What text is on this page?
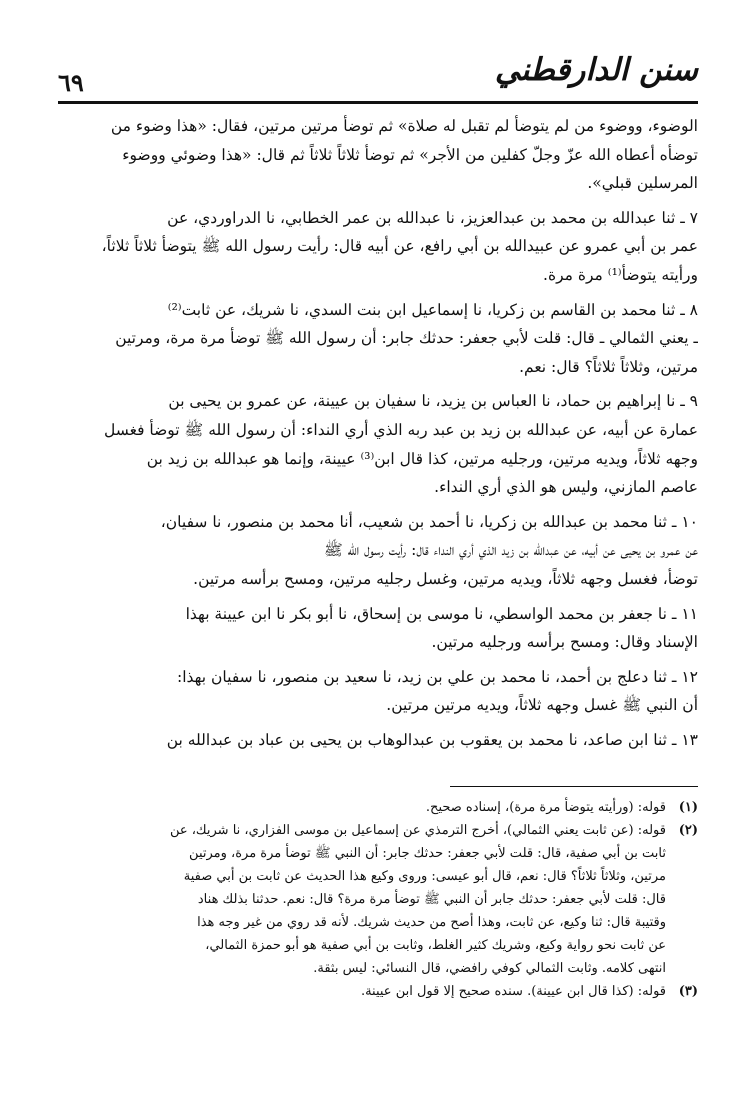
٦٩	سنن الدارقطني
الوضوء، ووضوء من لم يتوضأ لم تقبل له صلاة» ثم توضأ مرتين مرتين، فقال: «هذا وضوء من
توضأه أعطاه الله عزّ وجلّ كفلين من الأجر» ثم توضأ ثلاثاً ثلاثاً ثم قال: «هذا وضوئي ووضوء
المرسلين قبلي».
٧ ـ ثنا عبدالله بن محمد بن عبدالعزيز، نا عبدالله بن عمر الخطابي، نا الدراوردي، عن
عمر بن أبي عمرو عن عبيدالله بن أبي رافع، عن أبيه قال: رأيت رسول الله ﷺ يتوضأ ثلاثاً ثلاثاً،
ورأيته يتوضأ⁽¹⁾ مرة مرة.
٨ ـ ثنا محمد بن القاسم بن زكريا، نا إسماعيل ابن بنت السدي، نا شريك، عن ثابت⁽²⁾
ـ يعني الثمالي ـ قال: قلت لأبي جعفر: حدثك جابر: أن رسول الله ﷺ توضأ مرة مرة، ومرتين
مرتين، وثلاثاً ثلاثاً؟ قال: نعم.
٩ ـ نا إبراهيم بن حماد، نا العباس بن يزيد، نا سفيان بن عيينة، عن عمرو بن يحيى بن
عمارة عن أبيه، عن عبدالله بن زيد بن عبد ربه الذي أري النداء: أن رسول الله ﷺ توضأ فغسل
وجهه ثلاثاً، ويديه مرتين، ورجليه مرتين، كذا قال ابن⁽³⁾ عيينة، وإنما هو عبدالله بن زيد بن
عاصم المازني، وليس هو الذي أري النداء.
١٠ ـ ثنا محمد بن عبدالله بن زكريا، نا أحمد بن شعيب، أنا محمد بن منصور، نا سفيان،
عن عمرو بن يحيى عن أبيه، عن عبدالله بن زيد الذي أري النداء قال: رأيت رسول الله ﷺ
توضأ، فغسل وجهه ثلاثاً، ويديه مرتين، وغسل رجليه مرتين، ومسح برأسه مرتين.
١١ ـ نا جعفر بن محمد الواسطي، نا موسى بن إسحاق، نا أبو بكر نا ابن عيينة بهذا
الإسناد وقال: ومسح برأسه ورجليه مرتين.
١٢ ـ ثنا دعلج بن أحمد، نا محمد بن علي بن زيد، نا سعيد بن منصور، نا سفيان بهذا:
أن النبي ﷺ غسل وجهه ثلاثاً، ويديه مرتين مرتين.
١٣ ـ ثنا ابن صاعد، نا محمد بن يعقوب بن عبدالوهاب بن يحيى بن عباد بن عبدالله بن
(١)قوله: (ورأيته يتوضأ مرة مرة)، إسناده صحيح.
(٢)قوله: (عن ثابت يعني الثمالي)، أخرج الترمذي عن إسماعيل بن موسى الفزاري، نا شريك، عن
ثابت بن أبي صفية، قال: قلت لأبي جعفر: حدثك جابر: أن النبي ﷺ توضأ مرة مرة، ومرتين
مرتين، وثلاثاً ثلاثاً؟ قال: نعم، قال أبو عيسى: وروى وكيع هذا الحديث عن ثابت بن أبي صفية
قال: قلت لأبي جعفر: حدثك جابر أن النبي ﷺ توضأ مرة مرة؟ قال: نعم. حدثنا بذلك هناد
وقتيبة قال: ثنا وكيع، عن ثابت، وهذا أصح من حديث شريك. لأنه قد روي من غير وجه هذا
عن ثابت نحو رواية وكيع، وشريك كثير الغلط، وثابت بن أبي صفية هو أبو حمزة الثمالي،
انتهى كلامه. وثابت الثمالي كوفي رافضي، قال النسائي: ليس بثقة.
(٣)قوله: (كذا قال ابن عيينة). سنده صحيح إلا قول ابن عيينة.
